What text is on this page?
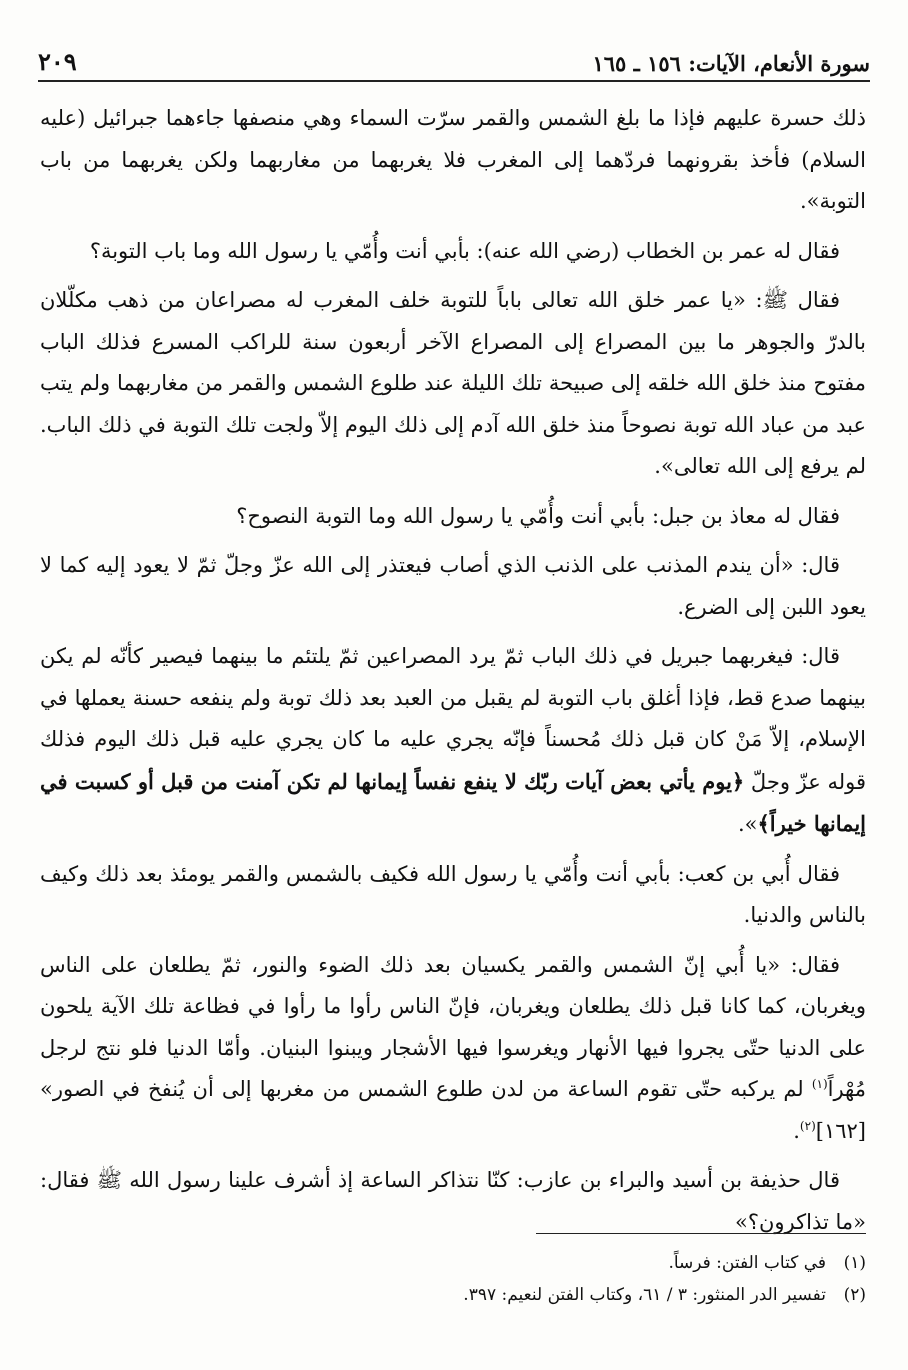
سورة الأنعام، الآيات: ١٥٦ ـ ١٦٥
٢٠٩

ذلك حسرة عليهم فإذا ما بلغ الشمس والقمر سرّت السماء وهي منصفها جاءهما جبرائيل (عليه السلام) فأخذ بقرونهما فردّهما إلى المغرب فلا يغربهما من مغاربهما ولكن يغربهما من باب التوبة».

فقال له عمر بن الخطاب (رضي الله عنه): بأبي أنت وأُمّي يا رسول الله وما باب التوبة؟

فقال ﷺ: «يا عمر خلق الله تعالى باباً للتوبة خلف المغرب له مصراعان من ذهب مكلّلان بالدرّ والجوهر ما بين المصراع إلى المصراع الآخر أربعون سنة للراكب المسرع فذلك الباب مفتوح منذ خلق الله خلقه إلى صبيحة تلك الليلة عند طلوع الشمس والقمر من مغاربهما ولم يتب عبد من عباد الله توبة نصوحاً منذ خلق الله آدم إلى ذلك اليوم إلاّ ولجت تلك التوبة في ذلك الباب. لم يرفع إلى الله تعالى».

فقال له معاذ بن جبل: بأبي أنت وأُمّي يا رسول الله وما التوبة النصوح؟

قال: «أن يندم المذنب على الذنب الذي أصاب فيعتذر إلى الله عزّ وجلّ ثمّ لا يعود إليه كما لا يعود اللبن إلى الضرع.

قال: فيغربهما جبريل في ذلك الباب ثمّ يرد المصراعين ثمّ يلتئم ما بينهما فيصير كأنّه لم يكن بينهما صدع قط، فإذا أغلق باب التوبة لم يقبل من العبد بعد ذلك توبة ولم ينفعه حسنة يعملها في الإسلام، إلاّ مَنْ كان قبل ذلك مُحسناً فإنّه يجري عليه ما كان يجري عليه قبل ذلك اليوم فذلك قوله عزّ وجلّ ﴿يوم يأتي بعض آيات ربّك لا ينفع نفساً إيمانها لم تكن آمنت من قبل أو كسبت في إيمانها خيراً﴾».

فقال أُبي بن كعب: بأبي أنت وأُمّي يا رسول الله فكيف بالشمس والقمر يومئذ بعد ذلك وكيف بالناس والدنيا.

فقال: «يا أُبي إنّ الشمس والقمر يكسيان بعد ذلك الضوء والنور، ثمّ يطلعان على الناس ويغربان، كما كانا قبل ذلك يطلعان ويغربان، فإنّ الناس رأوا ما رأوا في فظاعة تلك الآية يلحون على الدنيا حتّى يجروا فيها الأنهار ويغرسوا فيها الأشجار ويبنوا البنيان. وأمّا الدنيا فلو نتج لرجل مُهْراً$^{(١)}$ لم يركبه حتّى تقوم الساعة من لدن طلوع الشمس من مغربها إلى أن يُنفخ في الصور» [١٦٢]$^{(٢)}$.

قال حذيفة بن أسيد والبراء بن عازب: كنّا نتذاكر الساعة إذ أشرف علينا رسول الله ﷺ فقال: «ما تذاكرون؟»

(١)في كتاب الفتن: فرساً.
(٢)تفسير الدر المنثور: ٣ / ٦١، وكتاب الفتن لنعيم: ٣٩٧.
